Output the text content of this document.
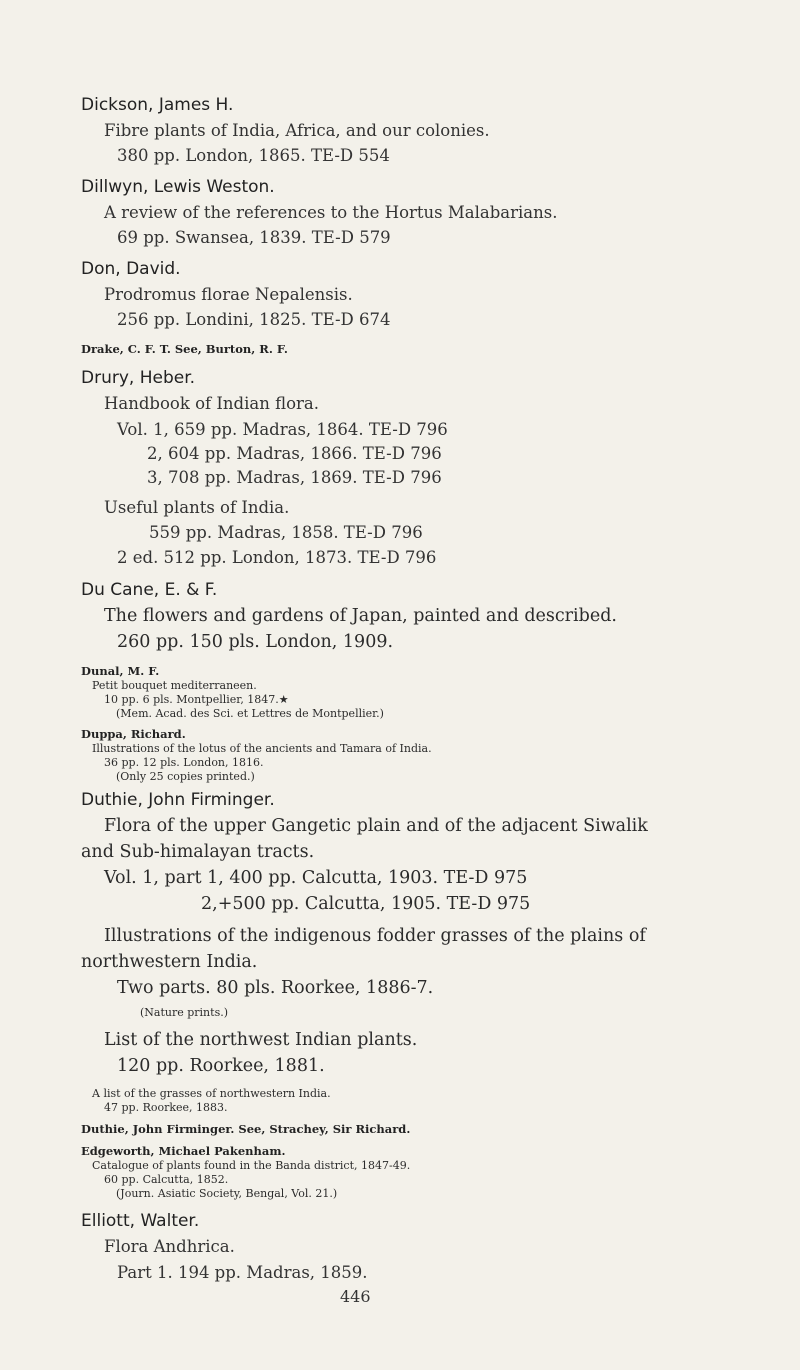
Dickson, James H.
Fibre plants of India, Africa, and our colonies.
380 pp. London, 1865. TE-D 554
Dillwyn, Lewis Weston.
A review of the references to the Hortus Malabarians.
69 pp. Swansea, 1839. TE-D 579
Don, David.
Prodromus florae Nepalensis.
256 pp. Londini, 1825. TE-D 674
Drake, C. F. T. See, Burton, R. F.
Drury, Heber.
Handbook of Indian flora.
Vol. 1, 659 pp. Madras, 1864. TE-D 796
2, 604 pp. Madras, 1866. TE-D 796
3, 708 pp. Madras, 1869. TE-D 796
Useful plants of India.
559 pp. Madras, 1858. TE-D 796
2 ed. 512 pp. London, 1873. TE-D 796
Du Cane, E. & F.
The flowers and gardens of Japan, painted and described.
260 pp. 150 pls. London, 1909.
Dunal, M. F.
Petit bouquet mediterraneen.
10 pp. 6 pls. Montpellier, 1847.★
(Mem. Acad. des Sci. et Lettres de Montpellier.)
Duppa, Richard.
Illustrations of the lotus of the ancients and Tamara of India.
36 pp. 12 pls. London, 1816.
(Only 25 copies printed.)
Duthie, John Firminger.
Flora of the upper Gangetic plain and of the adjacent Siwalik
and Sub-himalayan tracts.
Vol. 1, part 1, 400 pp. Calcutta, 1903. TE-D 975
2,+500 pp. Calcutta, 1905. TE-D 975
Illustrations of the indigenous fodder grasses of the plains of
northwestern India.
Two parts. 80 pls. Roorkee, 1886-7.
(Nature prints.)
List of the northwest Indian plants.
120 pp. Roorkee, 1881.
A list of the grasses of northwestern India.
47 pp. Roorkee, 1883.
Duthie, John Firminger. See, Strachey, Sir Richard.
Edgeworth, Michael Pakenham.
Catalogue of plants found in the Banda district, 1847-49.
60 pp. Calcutta, 1852.
(Journ. Asiatic Society, Bengal, Vol. 21.)
Elliott, Walter.
Flora Andhrica.
Part 1. 194 pp. Madras, 1859.
446
